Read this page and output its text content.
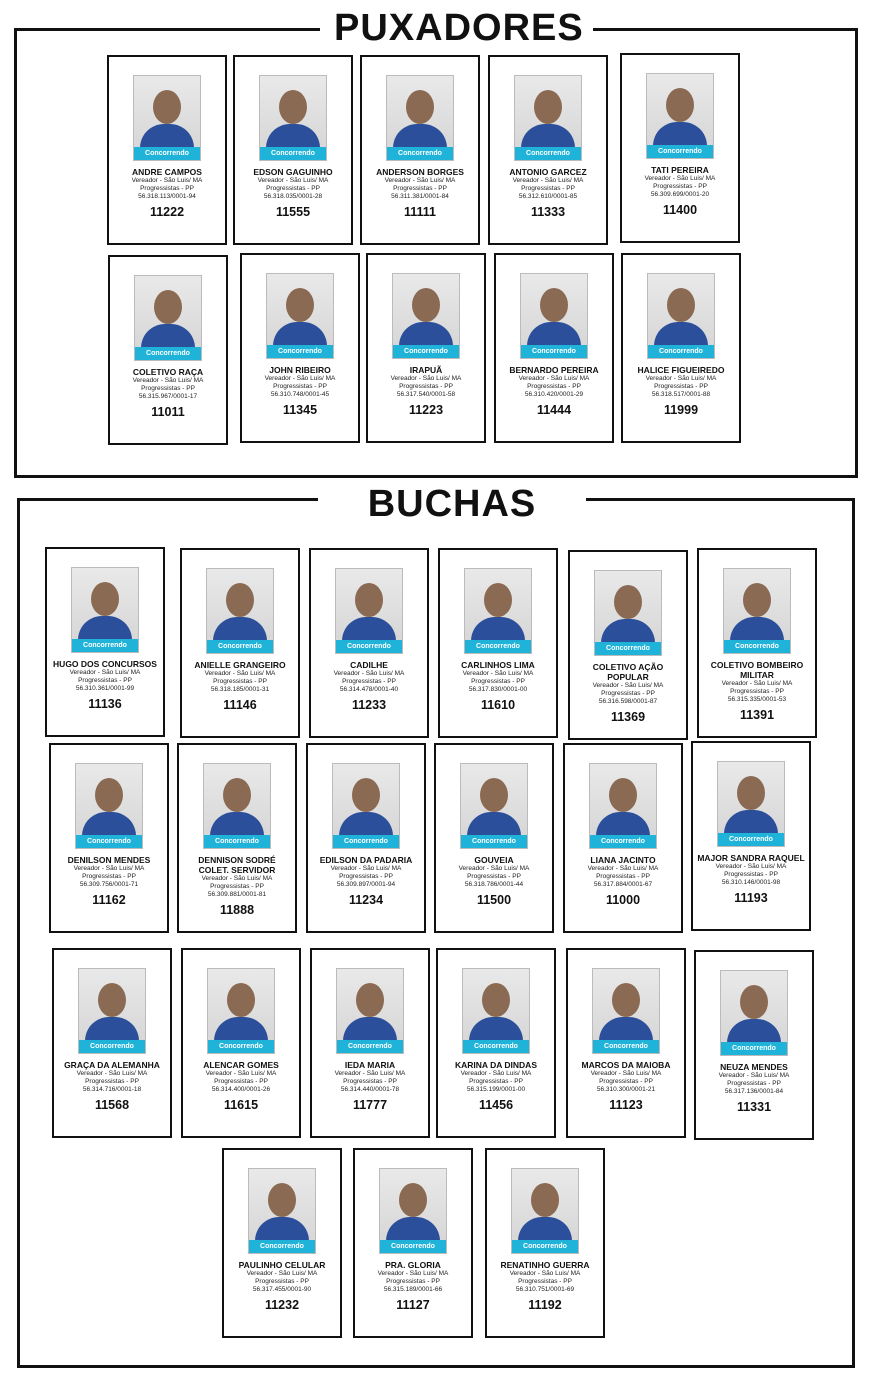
PUXADORES
BUCHAS
Concorrendo
ANDRE CAMPOS
Vereador - São Luis/ MA
Progressistas - PP
56.318.113/0001-94
11222
Concorrendo
EDSON GAGUINHO
Vereador - São Luis/ MA
Progressistas - PP
56.318.035/0001-28
11555
Concorrendo
ANDERSON BORGES
Vereador - São Luis/ MA
Progressistas - PP
56.311.381/0001-84
11111
Concorrendo
ANTONIO GARCEZ
Vereador - São Luis/ MA
Progressistas - PP
56.312.610/0001-85
11333
Concorrendo
TATI PEREIRA
Vereador - São Luis/ MA
Progressistas - PP
56.309.699/0001-20
11400
Concorrendo
COLETIVO RAÇA
Vereador - São Luis/ MA
Progressistas - PP
56.315.967/0001-17
11011
Concorrendo
JOHN RIBEIRO
Vereador - São Luis/ MA
Progressistas - PP
56.310.748/0001-45
11345
Concorrendo
IRAPUÃ
Vereador - São Luis/ MA
Progressistas - PP
56.317.540/0001-58
11223
Concorrendo
BERNARDO PEREIRA
Vereador - São Luis/ MA
Progressistas - PP
56.310.420/0001-29
11444
Concorrendo
HALICE FIGUEIREDO
Vereador - São Luis/ MA
Progressistas - PP
56.318.517/0001-88
11999
Concorrendo
HUGO DOS CONCURSOS
Vereador - São Luis/ MA
Progressistas - PP
56.310.361/0001-99
11136
Concorrendo
ANIELLE GRANGEIRO
Vereador - São Luis/ MA
Progressistas - PP
56.318.185/0001-31
11146
Concorrendo
CADILHE
Vereador - São Luis/ MA
Progressistas - PP
56.314.478/0001-40
11233
Concorrendo
CARLINHOS LIMA
Vereador - São Luis/ MA
Progressistas - PP
56.317.830/0001-00
11610
Concorrendo
COLETIVO AÇÃO POPULAR
Vereador - São Luis/ MA
Progressistas - PP
56.316.598/0001-87
11369
Concorrendo
COLETIVO BOMBEIRO MILITAR
Vereador - São Luis/ MA
Progressistas - PP
56.315.335/0001-53
11391
Concorrendo
DENILSON MENDES
Vereador - São Luis/ MA
Progressistas - PP
56.309.756/0001-71
11162
Concorrendo
DENNISON SODRÉ COLET. SERVIDOR
Vereador - São Luis/ MA
Progressistas - PP
56.309.881/0001-81
11888
Concorrendo
EDILSON DA PADARIA
Vereador - São Luis/ MA
Progressistas - PP
56.309.897/0001-94
11234
Concorrendo
GOUVEIA
Vereador - São Luis/ MA
Progressistas - PP
56.318.786/0001-44
11500
Concorrendo
LIANA JACINTO
Vereador - São Luis/ MA
Progressistas - PP
56.317.884/0001-67
11000
Concorrendo
MAJOR SANDRA RAQUEL
Vereador - São Luis/ MA
Progressistas - PP
56.310.146/0001-98
11193
Concorrendo
GRAÇA DA ALEMANHA
Vereador - São Luis/ MA
Progressistas - PP
56.314.716/0001-18
11568
Concorrendo
ALENCAR GOMES
Vereador - São Luis/ MA
Progressistas - PP
56.314.400/0001-26
11615
Concorrendo
IEDA MARIA
Vereador - São Luis/ MA
Progressistas - PP
56.314.440/0001-78
11777
Concorrendo
KARINA DA DINDAS
Vereador - São Luis/ MA
Progressistas - PP
56.315.199/0001-00
11456
Concorrendo
MARCOS DA MAIOBA
Vereador - São Luis/ MA
Progressistas - PP
56.310.300/0001-21
11123
Concorrendo
NEUZA MENDES
Vereador - São Luis/ MA
Progressistas - PP
56.317.136/0001-84
11331
Concorrendo
PAULINHO CELULAR
Vereador - São Luis/ MA
Progressistas - PP
56.317.455/0001-90
11232
Concorrendo
PRA. GLORIA
Vereador - São Luis/ MA
Progressistas - PP
56.315.189/0001-66
11127
Concorrendo
RENATINHO GUERRA
Vereador - São Luis/ MA
Progressistas - PP
56.310.751/0001-69
11192
